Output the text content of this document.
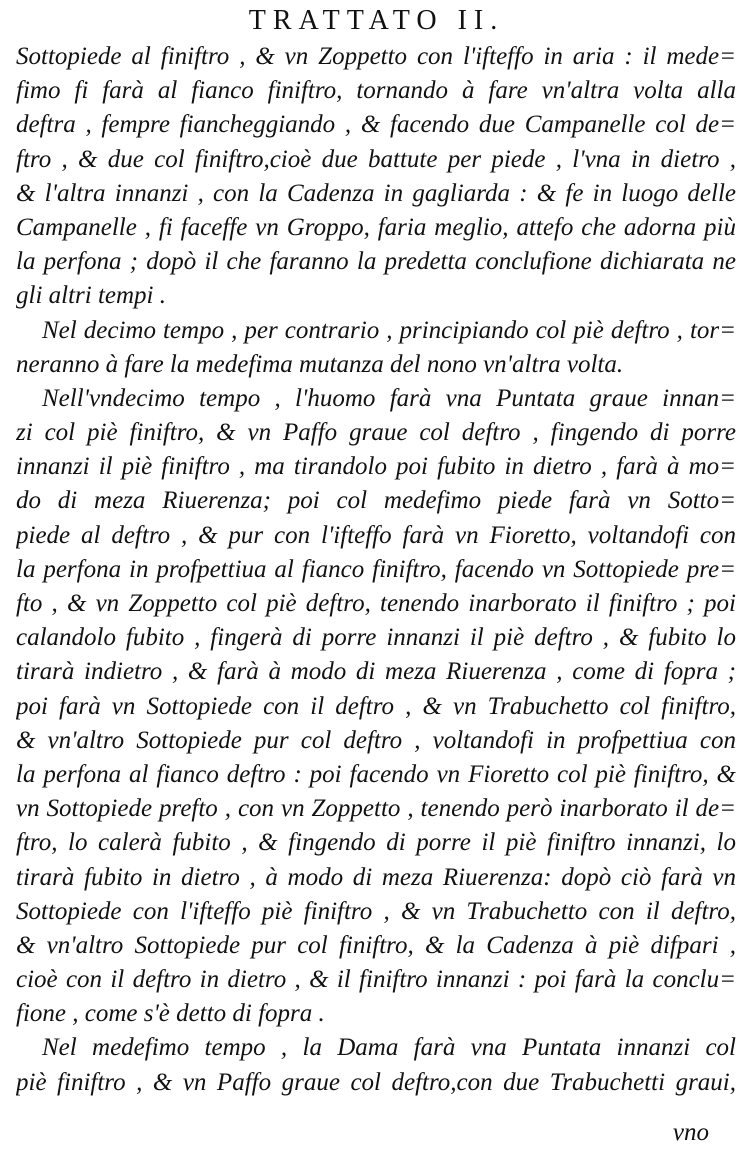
TRATTATO II.
Sottopiede al finiftro , & vn Zoppetto con l'ifteffo in aria : il mede=
fimo fi farà al fianco finiftro, tornando à fare vn'altra volta alla
deftra , fempre fiancheggiando , & facendo due Campanelle col de=
ftro , & due col finiftro,cioè due battute per piede , l'vna in dietro ,
& l'altra innanzi , con la Cadenza in gagliarda : & fe in luogo delle
Campanelle , fi faceffe vn Groppo, faria meglio, attefo che adorna più
la perfona ; dopò il che faranno la predetta conclufione dichiarata ne
gli altri tempi .
Nel decimo tempo , per contrario , principiando col piè deftro , tor=
neranno à fare la medefima mutanza del nono vn'altra volta.
Nell'vndecimo tempo , l'huomo farà vna Puntata graue innan=
zi col piè finiftro, & vn Paffo graue col deftro , fingendo di porre
innanzi il piè finiftro , ma tirandolo poi fubito in dietro , farà à mo=
do di meza Riuerenza; poi col medefimo piede farà vn Sotto=
piede al deftro , & pur con l'ifteffo farà vn Fioretto, voltandofi con
la perfona in profpettiua al fianco finiftro, facendo vn Sottopiede pre=
fto , & vn Zoppetto col piè deftro, tenendo inarborato il finiftro ; poi
calandolo fubito , fingerà di porre innanzi il piè deftro , & fubito lo
tirarà indietro , & farà à modo di meza Riuerenza , come di fopra ;
poi farà vn Sottopiede con il deftro , & vn Trabuchetto col finiftro,
& vn'altro Sottopiede pur col deftro , voltandofi in profpettiua con
la perfona al fianco deftro : poi facendo vn Fioretto col piè finiftro, &
vn Sottopiede prefto , con vn Zoppetto , tenendo però inarborato il de=
ftro, lo calerà fubito , & fingendo di porre il piè finiftro innanzi, lo
tirarà fubito in dietro , à modo di meza Riuerenza: dopò ciò farà vn
Sottopiede con l'ifteffo piè finiftro , & vn Trabuchetto con il deftro,
& vn'altro Sottopiede pur col finiftro, & la Cadenza à piè difpari ,
cioè con il deftro in dietro , & il finiftro innanzi : poi farà la conclu=
fione , come s'è detto di fopra .
Nel medefimo tempo , la Dama farà vna Puntata innanzi col
piè finiftro , & vn Paffo graue col deftro,con due Trabuchetti graui,
vno
